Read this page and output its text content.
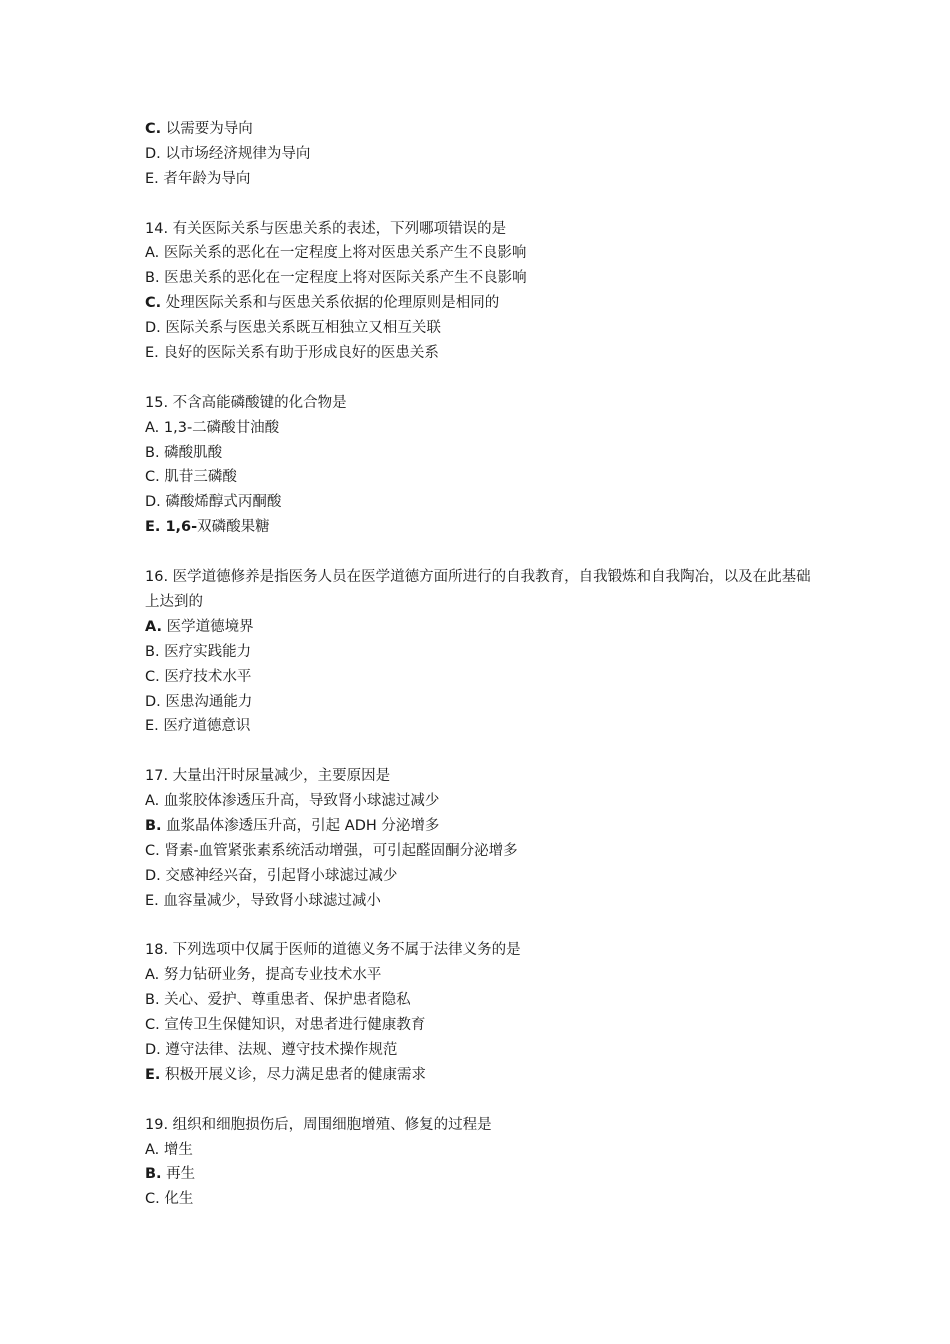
C. 以需要为导向
D. 以市场经济规律为导向
E. 者年龄为导向
14. 有关医际关系与医患关系的表述，下列哪项错误的是
A. 医际关系的恶化在一定程度上将对医患关系产生不良影响
B. 医患关系的恶化在一定程度上将对医际关系产生不良影响
C. 处理医际关系和与医患关系依据的伦理原则是相同的
D. 医际关系与医患关系既互相独立又相互关联
E. 良好的医际关系有助于形成良好的医患关系
15. 不含高能磷酸键的化合物是
A. 1,3-二磷酸甘油酸
B. 磷酸肌酸
C. 肌苷三磷酸
D. 磷酸烯醇式丙酮酸
E. 1,6-双磷酸果糖
16. 医学道德修养是指医务人员在医学道德方面所进行的自我教育，自我锻炼和自我陶冶，以及在此基础上达到的
A. 医学道德境界
B. 医疗实践能力
C. 医疗技术水平
D. 医患沟通能力
E. 医疗道德意识
17. 大量出汗时尿量减少，主要原因是
A. 血浆胶体渗透压升高，导致肾小球滤过减少
B. 血浆晶体渗透压升高，引起 ADH 分泌增多
C. 肾素-血管紧张素系统活动增强，可引起醛固酮分泌增多
D. 交感神经兴奋，引起肾小球滤过减少
E. 血容量减少，导致肾小球滤过减小
18. 下列选项中仅属于医师的道德义务不属于法律义务的是
A. 努力钻研业务，提高专业技术水平
B. 关心、爱护、尊重患者、保护患者隐私
C. 宣传卫生保健知识，对患者进行健康教育
D. 遵守法律、法规、遵守技术操作规范
E. 积极开展义诊，尽力满足患者的健康需求
19. 组织和细胞损伤后，周围细胞增殖、修复的过程是
A. 增生
B. 再生
C. 化生
